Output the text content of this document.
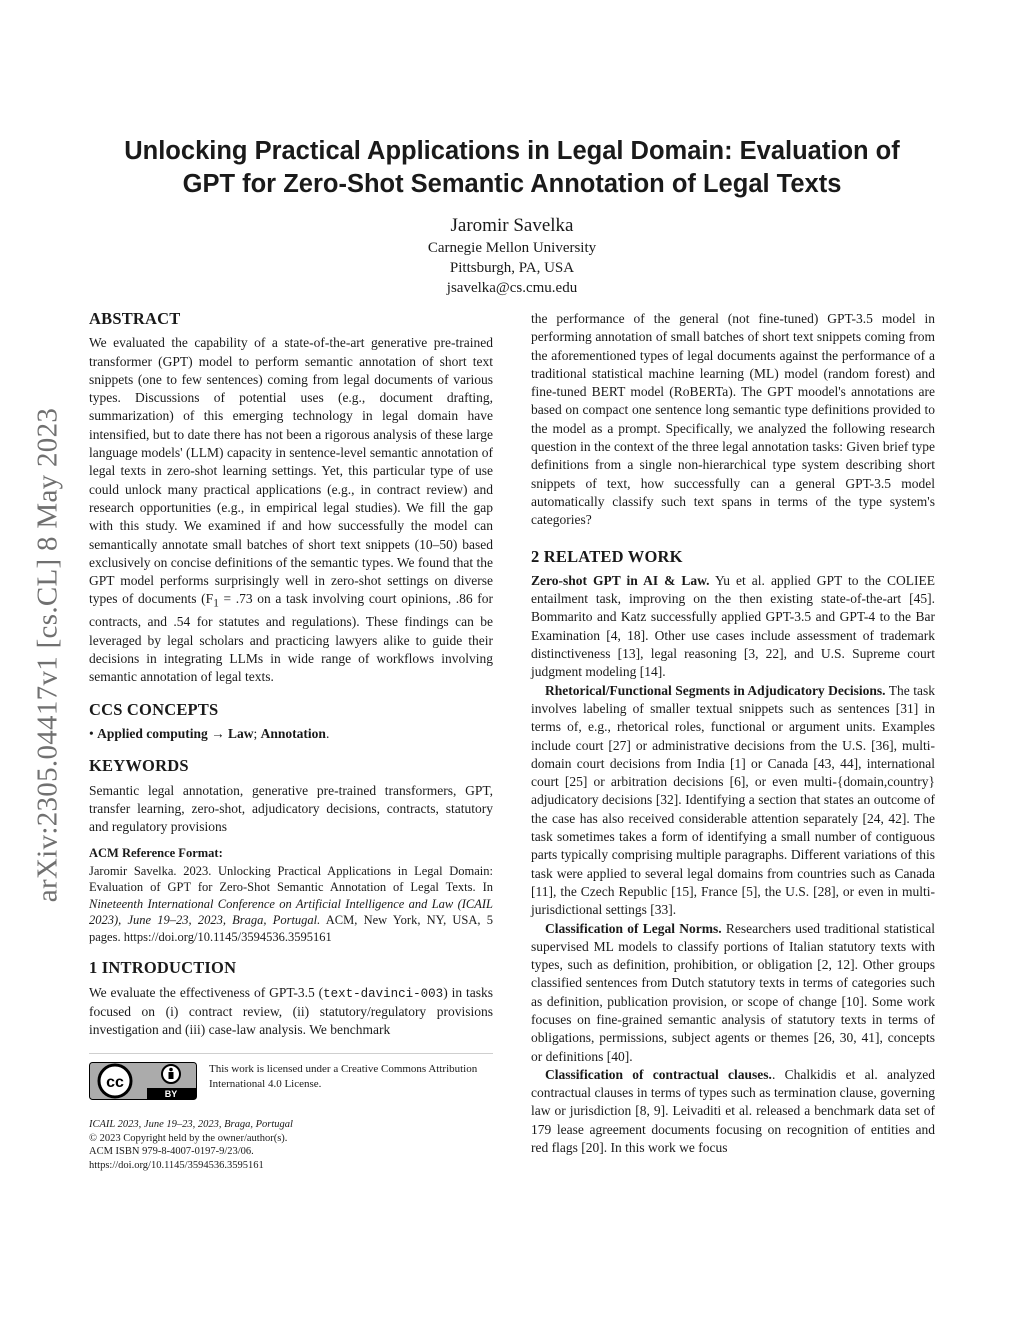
arXiv:2305.04417v1 [cs.CL] 8 May 2023
Unlocking Practical Applications in Legal Domain: Evaluation of
GPT for Zero-Shot Semantic Annotation of Legal Texts
Jaromir Savelka
Carnegie Mellon University
Pittsburgh, PA, USA
jsavelka@cs.cmu.edu
ABSTRACT

We evaluated the capability of a state-of-the-art generative pre-trained transformer (GPT) model to perform semantic annotation of short text snippets (one to few sentences) coming from legal documents of various types. Discussions of potential uses (e.g., document drafting, summarization) of this emerging technology in legal domain have intensified, but to date there has not been a rigorous analysis of these large language models' (LLM) capacity in sentence-level semantic annotation of legal texts in zero-shot learning settings. Yet, this particular type of use could unlock many practical applications (e.g., in contract review) and research opportunities (e.g., in empirical legal studies). We fill the gap with this study. We examined if and how successfully the model can semantically annotate small batches of short text snippets (10–50) based exclusively on concise definitions of the semantic types. We found that the GPT model performs surprisingly well in zero-shot settings on diverse types of documents ($F_1 = .73$ on a task involving court opinions, .86 for contracts, and .54 for statutes and regulations). These findings can be leveraged by legal scholars and practicing lawyers alike to guide their decisions in integrating LLMs in wide range of workflows involving semantic annotation of legal texts.

CCS CONCEPTS

• Applied computing → Law; Annotation.

KEYWORDS

Semantic legal annotation, generative pre-trained transformers, GPT, transfer learning, zero-shot, adjudicatory decisions, contracts, statutory and regulatory provisions

ACM Reference Format:

Jaromir Savelka. 2023. Unlocking Practical Applications in Legal Domain: Evaluation of GPT for Zero-Shot Semantic Annotation of Legal Texts. In Nineteenth International Conference on Artificial Intelligence and Law (ICAIL 2023), June 19–23, 2023, Braga, Portugal. ACM, New York, NY, USA, 5 pages. https://doi.org/10.1145/3594536.3595161

1 INTRODUCTION

We evaluate the effectiveness of GPT-3.5 (text-davinci-003) in tasks focused on (i) contract review, (ii) statutory/regulatory provisions investigation and (iii) case-law analysis. We benchmark

cc
BY
This work is licensed under a Creative Commons Attribution International 4.0 License.
ICAIL 2023, June 19–23, 2023, Braga, Portugal
© 2023 Copyright held by the owner/author(s).
ACM ISBN 979-8-4007-0197-9/23/06.
https://doi.org/10.1145/3594536.3595161

the performance of the general (not fine-tuned) GPT-3.5 model in performing annotation of small batches of short text snippets coming from the aforementioned types of legal documents against the performance of a traditional statistical machine learning (ML) model (random forest) and fine-tuned BERT model (RoBERTa). The GPT moodel's annotations are based on compact one sentence long semantic type definitions provided to the model as a prompt. Specifically, we analyzed the following research question in the context of the three legal annotation tasks: Given brief type definitions from a single non-hierarchical type system describing short snippets of text, how successfully can a general GPT-3.5 model automatically classify such text spans in terms of the type system's categories?

2 RELATED WORK

Zero-shot GPT in AI & Law. Yu et al. applied GPT to the COLIEE entailment task, improving on the then existing state-of-the-art [45]. Bommarito and Katz successfully applied GPT-3.5 and GPT-4 to the Bar Examination [4, 18]. Other use cases include assessment of trademark distinctiveness [13], legal reasoning [3, 22], and U.S. Supreme court judgment modeling [14].

Rhetorical/Functional Segments in Adjudicatory Decisions. The task involves labeling of smaller textual snippets such as sentences [31] in terms of, e.g., rhetorical roles, functional or argument units. Examples include court [27] or administrative decisions from the U.S. [36], multi-domain court decisions from India [1] or Canada [43, 44], international court [25] or arbitration decisions [6], or even multi-{domain,country} adjudicatory decisions [32]. Identifying a section that states an outcome of the case has also received considerable attention separately [24, 42]. The task sometimes takes a form of identifying a small number of contiguous parts typically comprising multiple paragraphs. Different variations of this task were applied to several legal domains from countries such as Canada [11], the Czech Republic [15], France [5], the U.S. [28], or even in multi-jurisdictional settings [33].

Classification of Legal Norms. Researchers used traditional statistical supervised ML models to classify portions of Italian statutory texts with types, such as definition, prohibition, or obligation [2, 12]. Other groups classified sentences from Dutch statutory texts in terms of categories such as definition, publication provision, or scope of change [10]. Some work focuses on fine-grained semantic analysis of statutory texts in terms of obligations, permissions, subject agents or themes [26, 30, 41], concepts or definitions [40].

Classification of contractual clauses.. Chalkidis et al. analyzed contractual clauses in terms of types such as termination clause, governing law or jurisdiction [8, 9]. Leivaditi et al. released a benchmark data set of 179 lease agreement documents focusing on recognition of entities and red flags [20]. In this work we focus
